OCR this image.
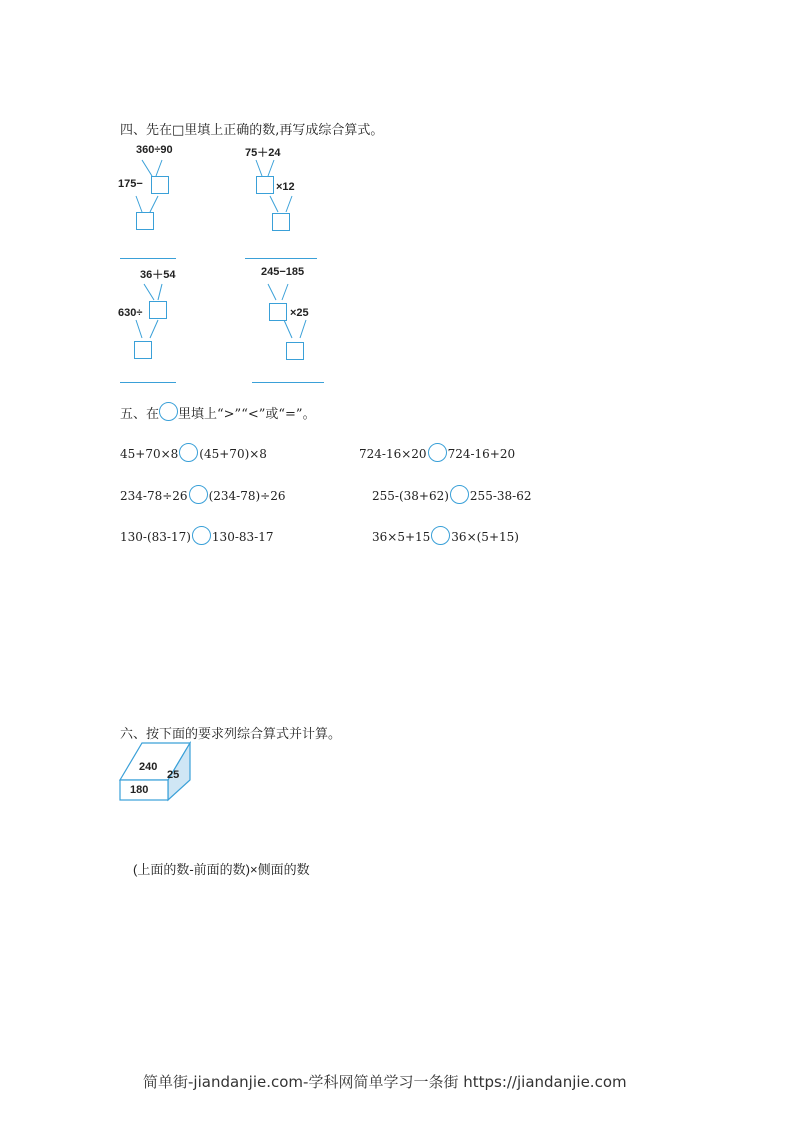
四、先在□里填上正确的数,再写成综合算式。
360÷90
175−
75＋24
×12
36＋54
630÷
245−185
×25
五、在 里填上“>”“<”或“=”。
45+70×8 (45+70)×8	724-16×20 724-16+20
234-78÷26 (234-78)÷26	255-(38+62) 255-38-62
130-(83-17) 130-83-17	36×5+15 36×(5+15)
六、按下面的要求列综合算式并计算。
240
180
25
(上面的数-前面的数)×侧面的数
简单街-jiandanjie.com-学科网简单学习一条街 https://jiandanjie.com
